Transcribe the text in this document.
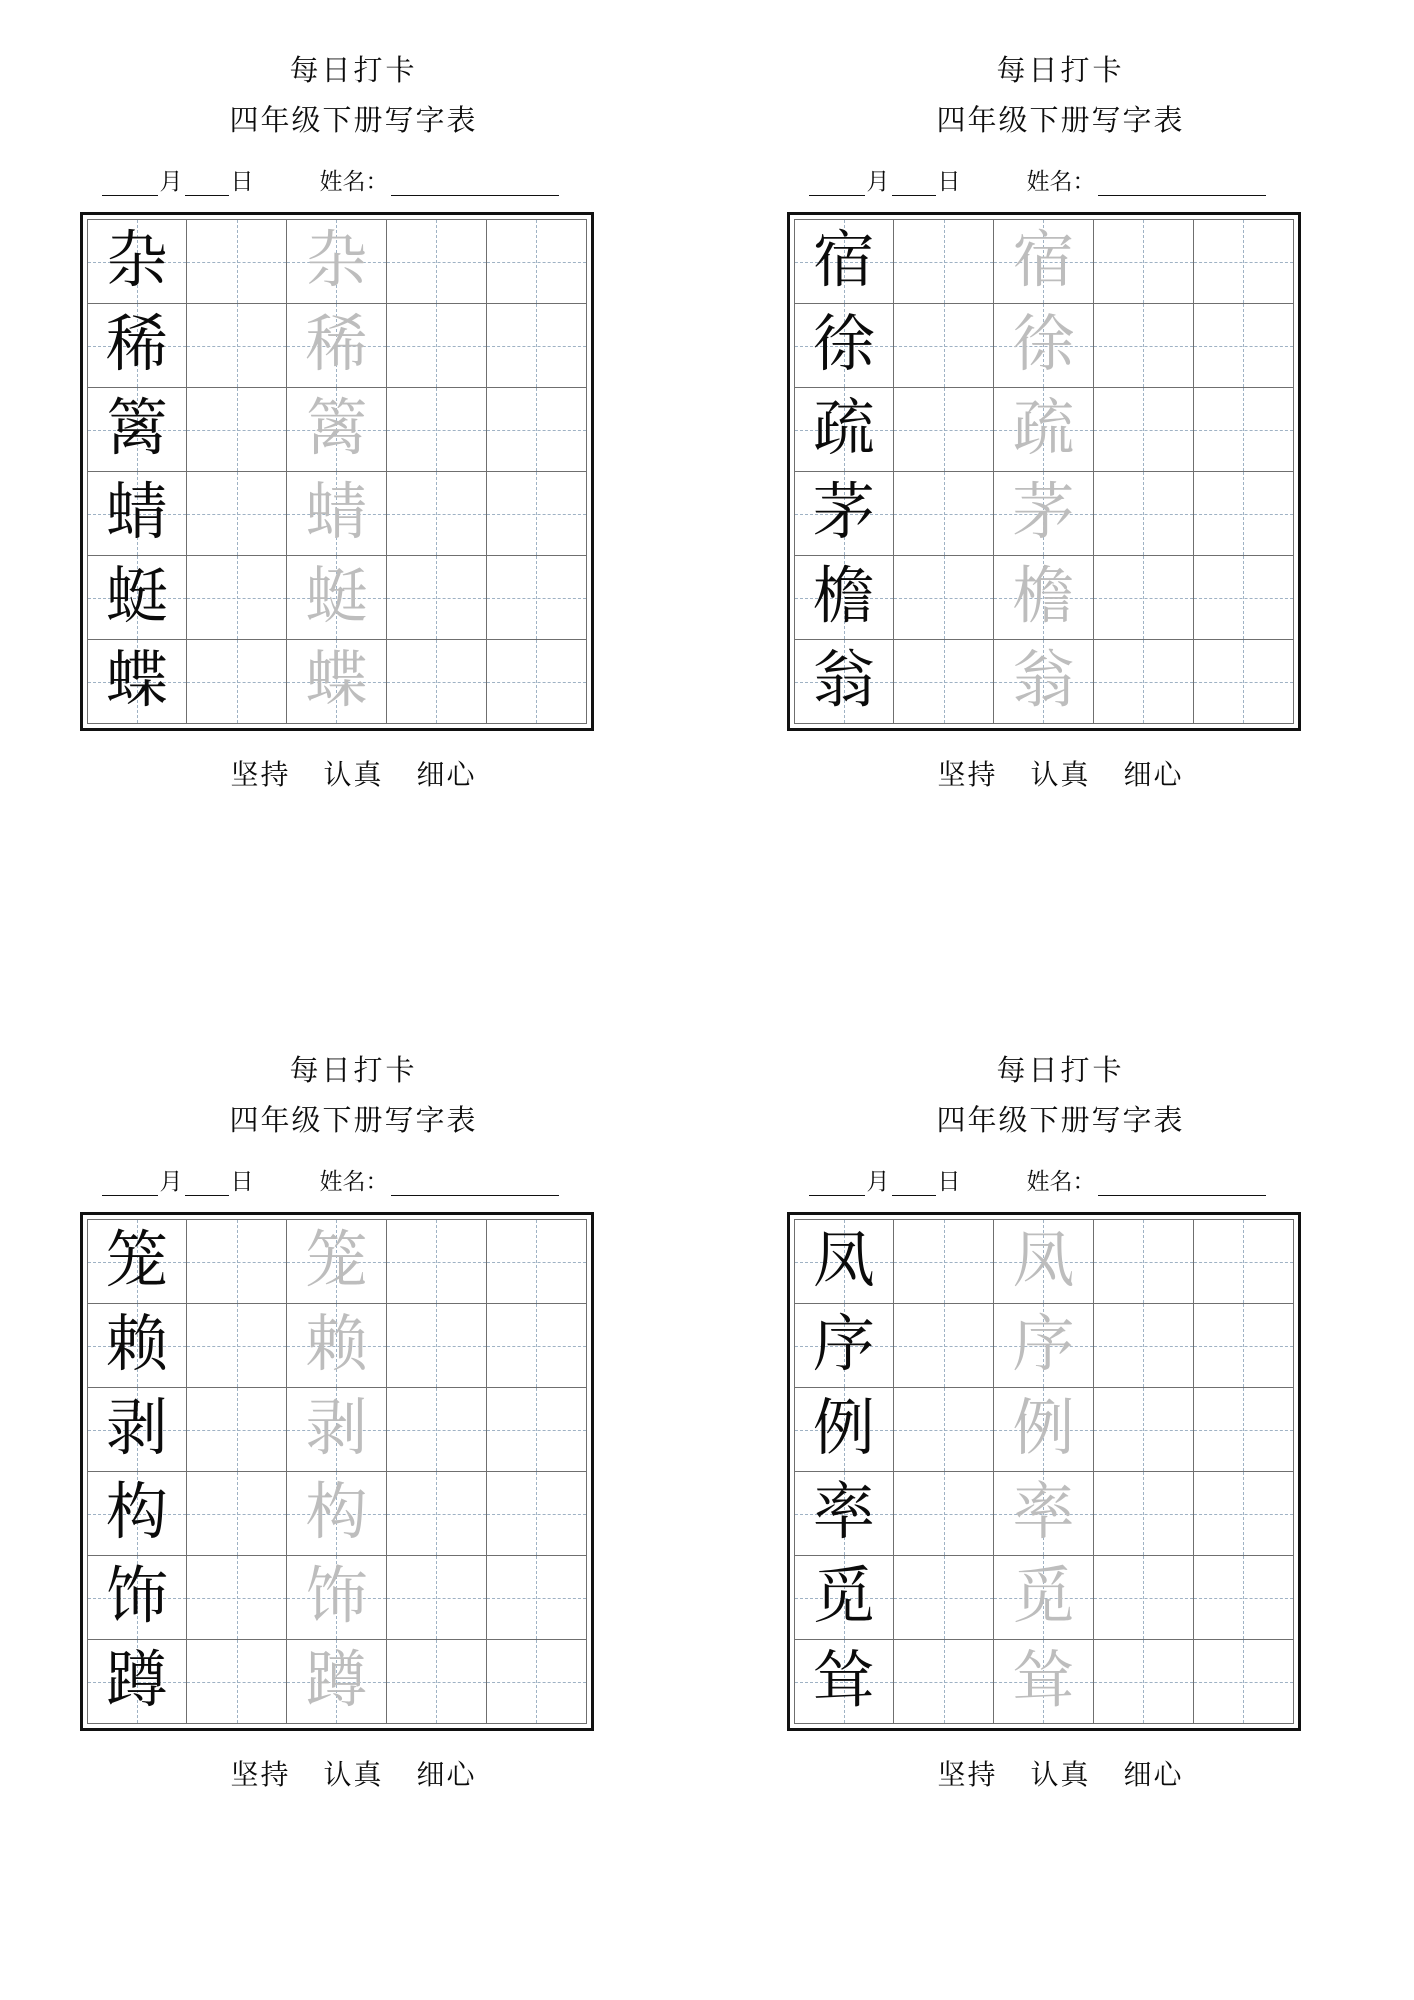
每日打卡
四年级下册写字表
月 日	姓名：
杂		杂		

稀		稀		

篱		篱		

蜻		蜻		

蜓		蜓		

蝶		蝶		

坚持 认真 细心
每日打卡
四年级下册写字表
月 日	姓名：
宿		宿		

徐		徐		

疏		疏		

茅		茅		

檐		檐		

翁		翁		

坚持 认真 细心
每日打卡
四年级下册写字表
月 日	姓名：
笼		笼		

赖		赖		

剥		剥		

构		构		

饰		饰		

蹲		蹲		

坚持 认真 细心
每日打卡
四年级下册写字表
月 日	姓名：
凤		凤		

序		序		

例		例		

率		率		

觅		觅		

耸		耸		

坚持 认真 细心
